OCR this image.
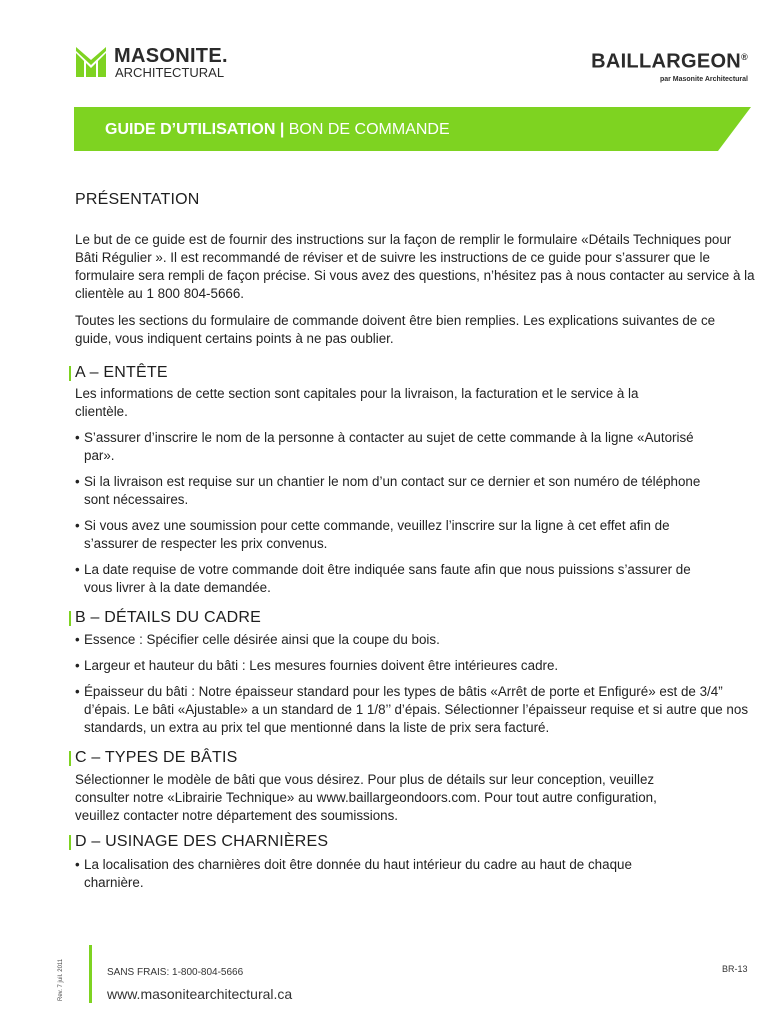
MASONITE.
ARCHITECTURAL	BAILLARGEON®
par Masonite Architectural
GUIDE D’UTILISATION | BON DE COMMANDE
PRÉSENTATION

Le but de ce guide est de fournir des instructions sur la façon de remplir le formulaire «Détails Techniques pour Bâti Régulier ». Il est recommandé de réviser et de suivre les instructions de ce guide pour s’assurer que le formulaire sera rempli de façon précise. Si vous avez des questions, n’hésitez pas à nous contacter au service à la clientèle au 1 800 804-5666.

Toutes les sections du formulaire de commande doivent être bien remplies. Les explications suivantes de ce guide, vous indiquent certains points à ne pas oublier.

A – ENTÊTE

Les informations de cette section sont capitales pour la livraison, la facturation et le service à la clientèle.

• S’assurer d’inscrire le nom de la personne à contacter au sujet de cette commande à la ligne «Autorisé par».
• Si la livraison est requise sur un chantier le nom d’un contact sur ce dernier et son numéro de téléphone sont nécessaires.
• Si vous avez une soumission pour cette commande, veuillez l’inscrire sur la ligne à cet effet afin de s’assurer de respecter les prix convenus.
• La date requise de votre commande doit être indiquée sans faute afin que nous puissions s’assurer de vous livrer à la date demandée.
B – DÉTAILS DU CADRE
• Essence : Spécifier celle désirée ainsi que la coupe du bois.
• Largeur et hauteur du bâti : Les mesures fournies doivent être intérieures cadre.
• Épaisseur du bâti : Notre épaisseur standard pour les types de bâtis «Arrêt de porte et Enfiguré» est de 3/4” d’épais. Le bâti «Ajustable» a un standard de 1 1/8’’ d’épais. Sélectionner l’épaisseur requise et si autre que nos standards, un extra au prix tel que mentionné dans la liste de prix sera facturé.
C – TYPES DE BÂTIS

Sélectionner le modèle de bâti que vous désirez. Pour plus de détails sur leur conception, veuillez consulter notre «Librairie Technique» au www.baillargeondoors.com. Pour tout autre configuration, veuillez contacter notre département des soumissions.

D – USINAGE DES CHARNIÈRES
• La localisation des charnières doit être donnée du haut intérieur du cadre au haut de chaque charnière.
Rev. 7 juil. 2011	SANS FRAIS: 1-800-804-5666
www.masonitearchitectural.ca
BR-13
